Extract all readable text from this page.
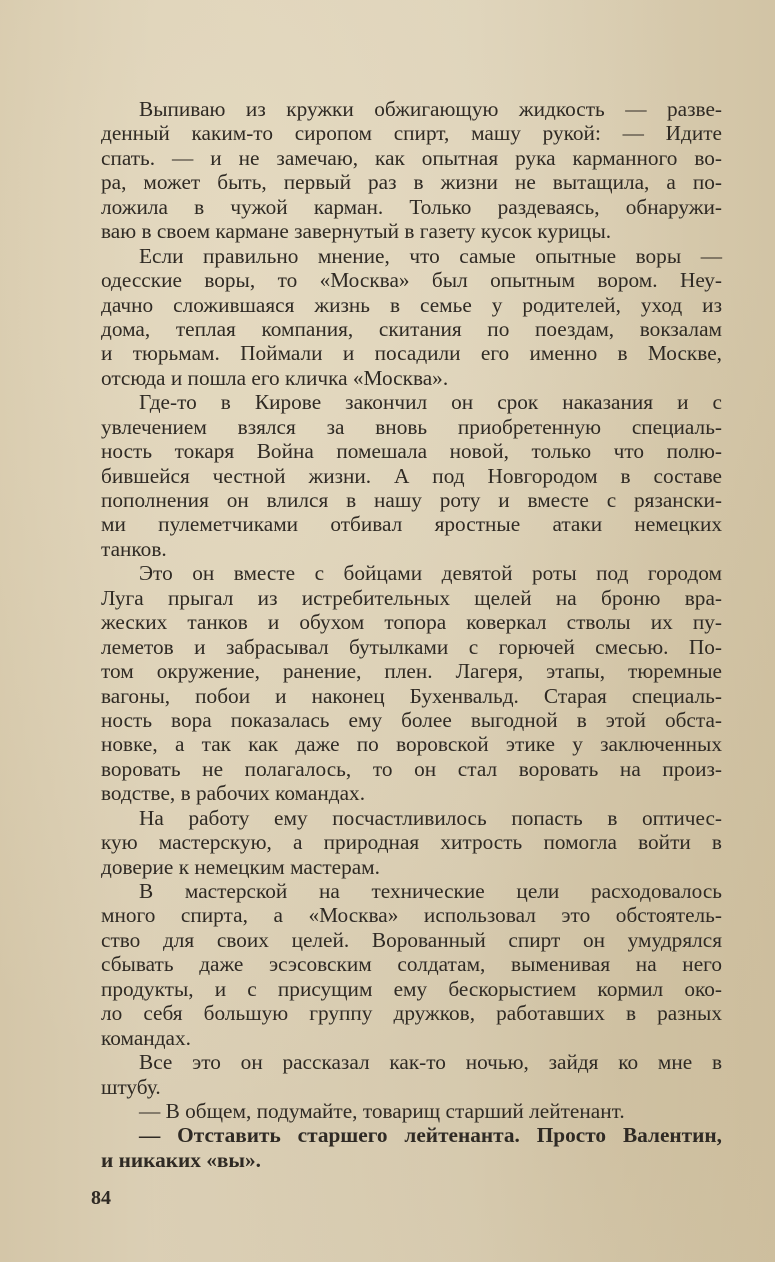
Выпиваю из кружки обжигающую жидкость — разве-
денный каким-то сиропом спирт, машу рукой: — Идите
спать. — и не замечаю, как опытная рука карманного во-
ра, может быть, первый раз в жизни не вытащила, а по-
ложила в чужой карман. Только раздеваясь, обнаружи-
ваю в своем кармане завернутый в газету кусок курицы.
Если правильно мнение, что самые опытные воры —
одесские воры, то «Москва» был опытным вором. Неу-
дачно сложившаяся жизнь в семье у родителей, уход из
дома, теплая компания, скитания по поездам, вокзалам
и тюрьмам. Поймали и посадили его именно в Москве,
отсюда и пошла его кличка «Москва».
Где-то в Кирове закончил он срок наказания и с
увлечением взялся за вновь приобретенную специаль-
ность токаря Война помешала новой, только что полю-
бившейся честной жизни. А под Новгородом в составе
пополнения он влился в нашу роту и вместе с рязански-
ми пулеметчиками отбивал яростные атаки немецких
танков.
Это он вместе с бойцами девятой роты под городом
Луга прыгал из истребительных щелей на броню вра-
жеских танков и обухом топора коверкал стволы их пу-
леметов и забрасывал бутылками с горючей смесью. По-
том окружение, ранение, плен. Лагеря, этапы, тюремные
вагоны, побои и наконец Бухенвальд. Старая специаль-
ность вора показалась ему более выгодной в этой обста-
новке, а так как даже по воровской этике у заключенных
воровать не полагалось, то он стал воровать на произ-
водстве, в рабочих командах.
На работу ему посчастливилось попасть в оптичес-
кую мастерскую, а природная хитрость помогла войти в
доверие к немецким мастерам.
В мастерской на технические цели расходовалось
много спирта, а «Москва» использовал это обстоятель-
ство для своих целей. Ворованный спирт он умудрялся
сбывать даже эсэсовским солдатам, выменивая на него
продукты, и с присущим ему бескорыстием кормил око-
ло себя большую группу дружков, работавших в разных
командах.
Все это он рассказал как-то ночью, зайдя ко мне в
штубу.
— В общем, подумайте, товарищ старший лейтенант.
— Отставить старшего лейтенанта. Просто Валентин,
и никаких «вы».
84
